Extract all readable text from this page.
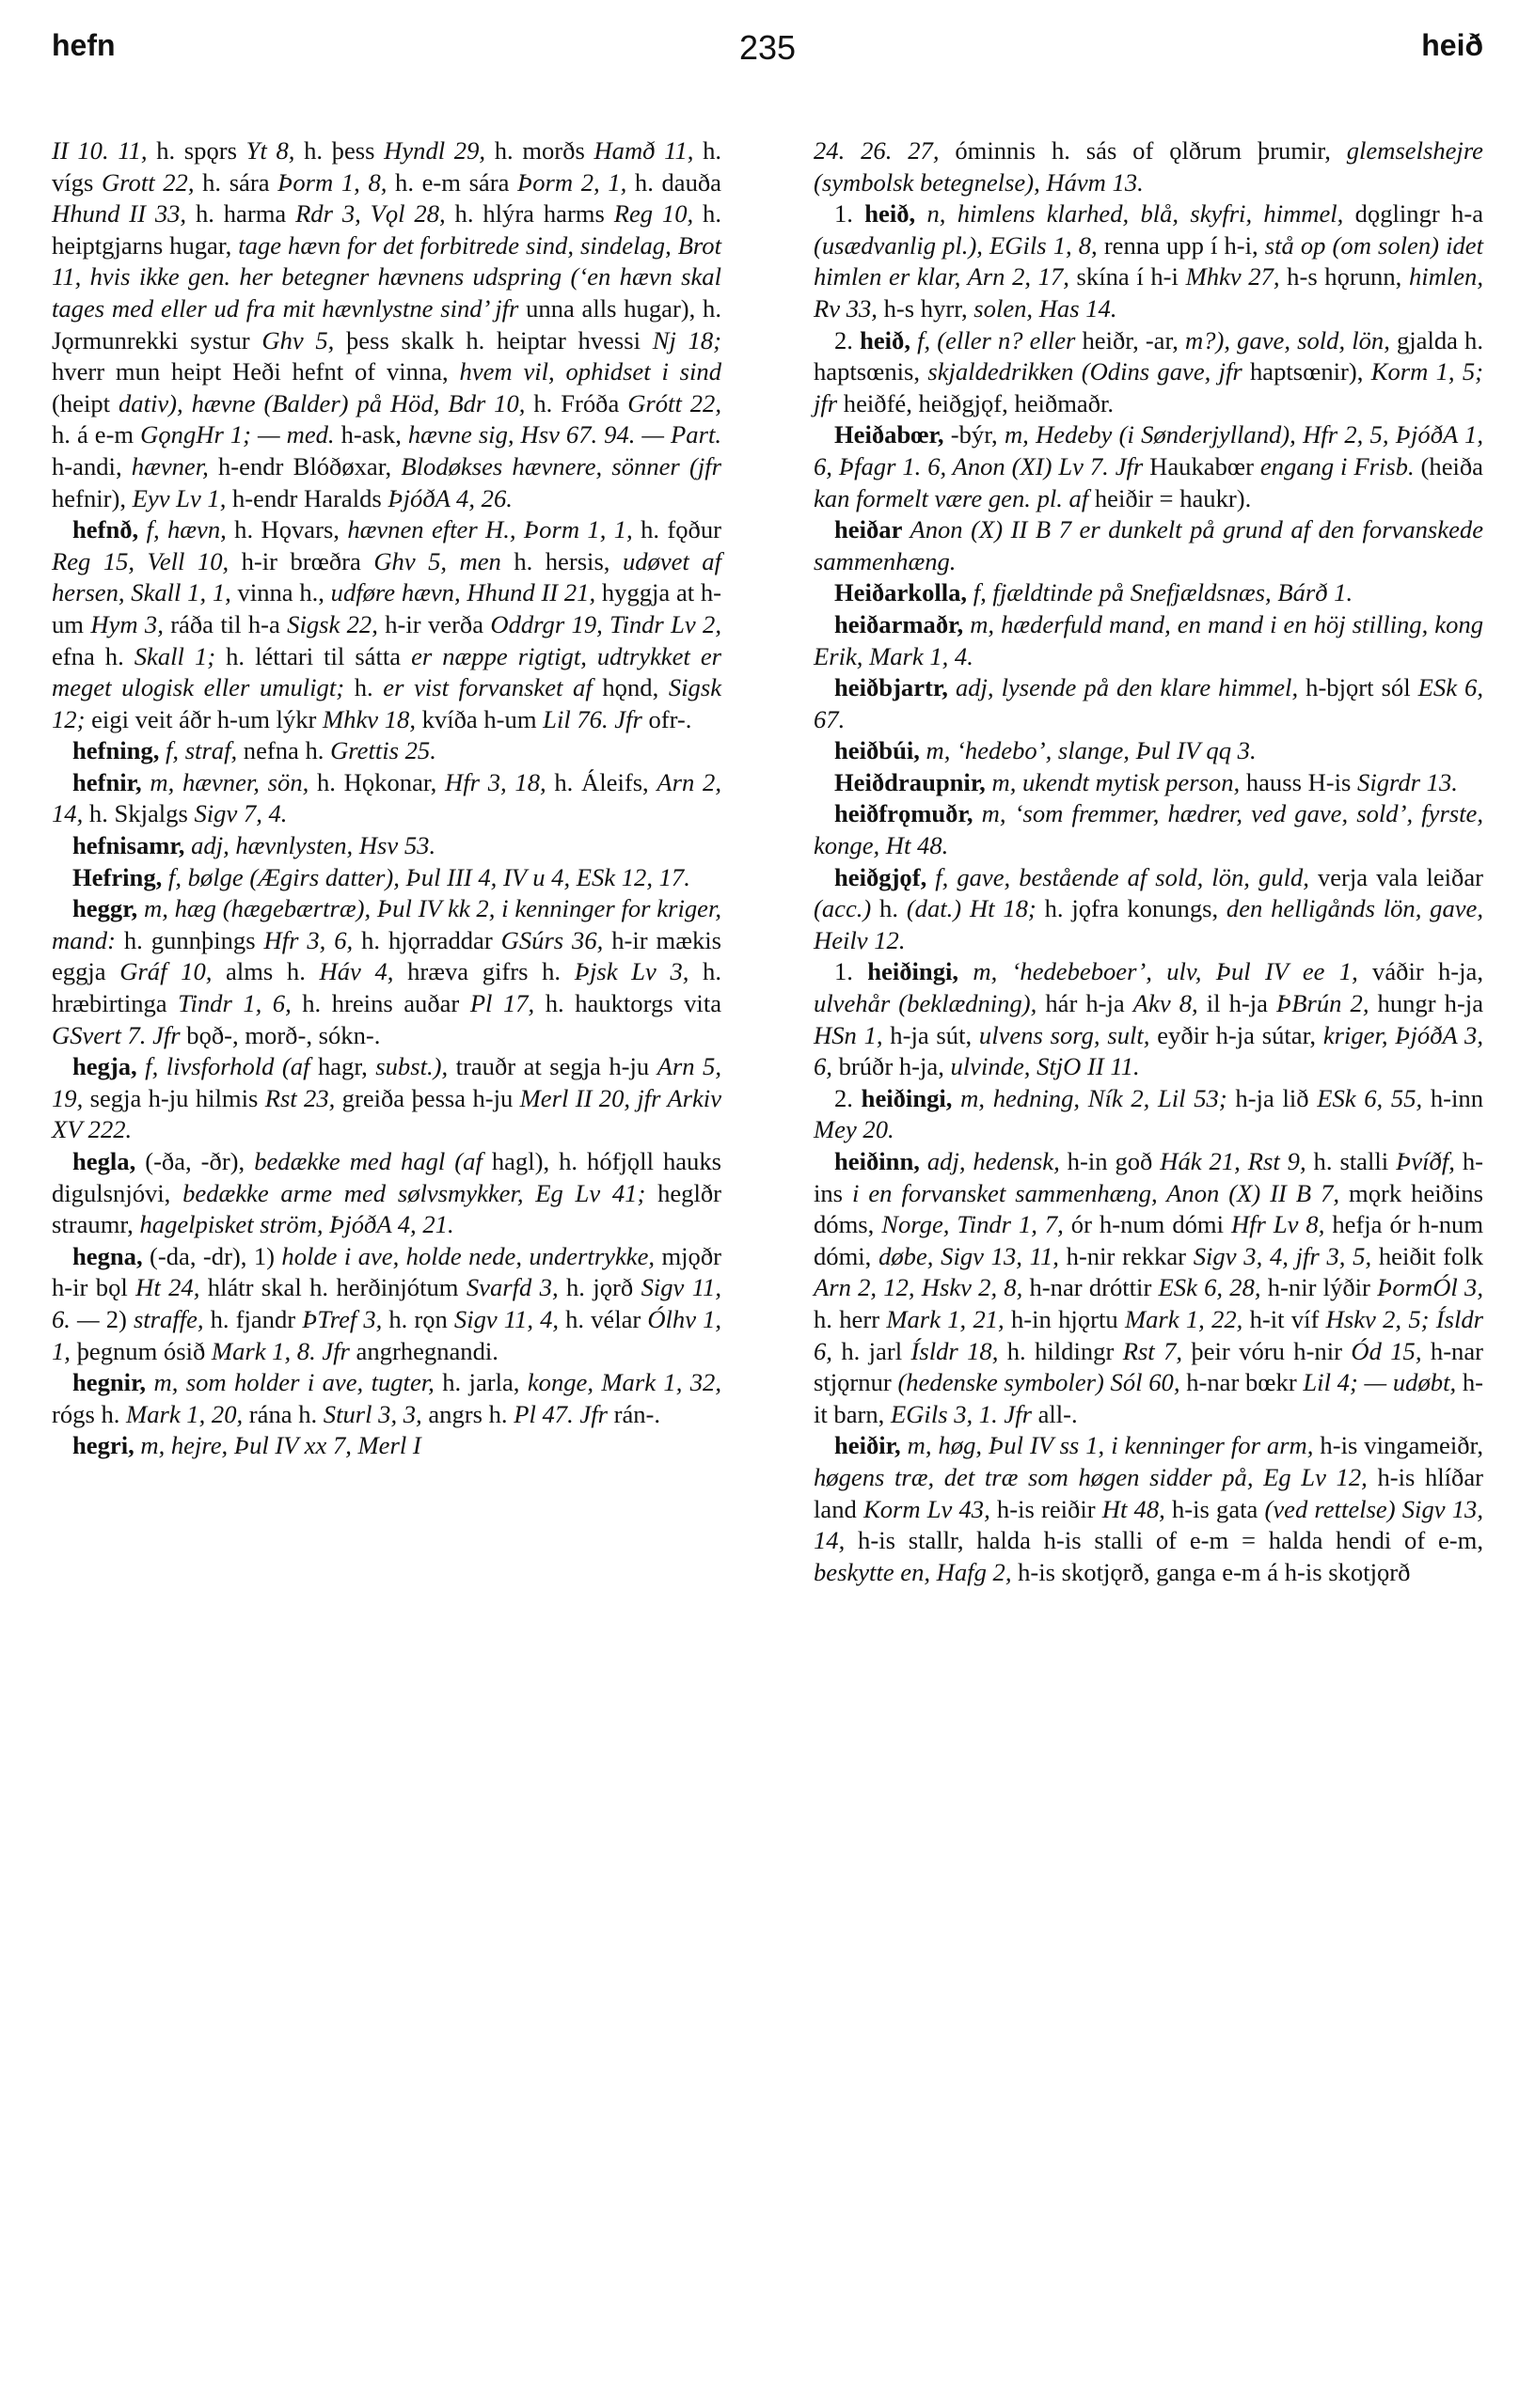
hefn	235	heið

II 10. 11, h. spǫrs Yt 8, h. þess Hyndl 29, h. morðs Hamð 11, h. vígs Grott 22, h. sára Þorm 1, 8, h. e-m sára Þorm 2, 1, h. dauða Hhund II 33, h. harma Rdr 3, Vǫl 28, h. hlýra harms Reg 10, h. heiptgjarns hugar, tage hævn for det forbitrede sind, sindelag, Brot 11, hvis ikke gen. her betegner hævnens udspring (‘en hævn skal tages med eller ud fra mit hævnlystne sind’ jfr unna alls hugar), h. Jǫrmunrekki systur Ghv 5, þess skalk h. heiptar hvessi Nj 18; hverr mun heipt Heði hefnt of vinna, hvem vil, ophidset i sind (heipt dativ), hævne (Balder) på Höd, Bdr 10, h. Fróða Grótt 22, h. á e-m GǫngHr 1; — med. h-ask, hævne sig, Hsv 67. 94. — Part. h-andi, hævner, h-endr Blóðøxar, Blodøkses hævnere, sönner (jfr hefnir), Eyv Lv 1, h-endr Haralds ÞjóðA 4, 26.

hefnð, f, hævn, h. Hǫvars, hævnen efter H., Þorm 1, 1, h. fǫður Reg 15, Vell 10, h-ir brœðra Ghv 5, men h. hersis, udøvet af hersen, Skall 1, 1, vinna h., udføre hævn, Hhund II 21, hyggja at h-um Hym 3, ráða til h-a Sigsk 22, h-ir verða Oddrgr 19, Tindr Lv 2, efna h. Skall 1; h. léttari til sátta er næppe rigtigt, udtrykket er meget ulogisk eller umuligt; h. er vist forvansket af hǫnd, Sigsk 12; eigi veit áðr h-um lýkr Mhkv 18, kvíða h-um Lil 76. Jfr ofr-.

hefning, f, straf, nefna h. Grettis 25.

hefnir, m, hævner, sön, h. Hǫkonar, Hfr 3, 18, h. Áleifs, Arn 2, 14, h. Skjalgs Sigv 7, 4.

hefnisamr, adj, hævnlysten, Hsv 53.

Hefring, f, bølge (Ægirs datter), Þul III 4, IV u 4, ESk 12, 17.

heggr, m, hæg (hægebærtræ), Þul IV kk 2, i kenninger for kriger, mand: h. gunnþings Hfr 3, 6, h. hjǫrraddar GSúrs 36, h-ir mækis eggja Gráf 10, alms h. Háv 4, hræva gifrs h. Þjsk Lv 3, h. hræbirtinga Tindr 1, 6, h. hreins auðar Pl 17, h. hauktorgs vita GSvert 7. Jfr bǫð-, morð-, sókn-.

hegja, f, livsforhold (af hagr, subst.), trauðr at segja h-ju Arn 5, 19, segja h-ju hilmis Rst 23, greiða þessa h-ju Merl II 20, jfr Arkiv XV 222.

hegla, (-ða, -ðr), bedække med hagl (af hagl), h. hófjǫll hauks digulsnjóvi, bedække arme med sølvsmykker, Eg Lv 41; heglðr straumr, hagelpisket ström, ÞjóðA 4, 21.

hegna, (-da, -dr), 1) holde i ave, holde nede, undertrykke, mjǫðr h-ir bǫl Ht 24, hlátr skal h. herðinjótum Svarfd 3, h. jǫrð Sigv 11, 6. — 2) straffe, h. fjandr ÞTref 3, h. rǫn Sigv 11, 4, h. vélar Ólhv 1, 1, þegnum ósið Mark 1, 8. Jfr angrhegnandi.

hegnir, m, som holder i ave, tugter, h. jarla, konge, Mark 1, 32, rógs h. Mark 1, 20, rána h. Sturl 3, 3, angrs h. Pl 47. Jfr rán-.

hegri, m, hejre, Þul IV xx 7, Merl I

24. 26. 27, óminnis h. sás of ǫlðrum þrumir, glemselshejre (symbolsk betegnelse), Hávm 13.

1. heið, n, himlens klarhed, blå, skyfri, himmel, dǫglingr h-a (usædvanlig pl.), EGils 1, 8, renna upp í h-i, stå op (om solen) idet himlen er klar, Arn 2, 17, skína í h-i Mhkv 27, h-s hǫrunn, himlen, Rv 33, h-s hyrr, solen, Has 14.

2. heið, f, (eller n? eller heiðr, -ar, m?), gave, sold, lön, gjalda h. haptsœnis, skjaldedrikken (Odins gave, jfr haptsœnir), Korm 1, 5; jfr heiðfé, heiðgjǫf, heiðmaðr.

Heiðabœr, -býr, m, Hedeby (i Sønderjylland), Hfr 2, 5, ÞjóðA 1, 6, Þfagr 1. 6, Anon (XI) Lv 7. Jfr Haukabœr engang i Frisb. (heiða kan formelt være gen. pl. af heiðir = haukr).

heiðar Anon (X) II B 7 er dunkelt på grund af den forvanskede sammenhæng.

Heiðarkolla, f, fjældtinde på Snefjældsnæs, Bárð 1.

heiðarmaðr, m, hæderfuld mand, en mand i en höj stilling, kong Erik, Mark 1, 4.

heiðbjartr, adj, lysende på den klare himmel, h-bjǫrt sól ESk 6, 67.

heiðbúi, m, ‘hedebo’, slange, Þul IV qq 3.

Heiðdraupnir, m, ukendt mytisk person, hauss H-is Sigrdr 13.

heiðfrǫmuðr, m, ‘som fremmer, hædrer, ved gave, sold’, fyrste, konge, Ht 48.

heiðgjǫf, f, gave, bestående af sold, lön, guld, verja vala leiðar (acc.) h. (dat.) Ht 18; h. jǫfra konungs, den helligånds lön, gave, Heilv 12.

1. heiðingi, m, ‘hedebeboer’, ulv, Þul IV ee 1, váðir h-ja, ulvehår (beklædning), hár h-ja Akv 8, il h-ja ÞBrún 2, hungr h-ja HSn 1, h-ja sút, ulvens sorg, sult, eyðir h-ja sútar, kriger, ÞjóðA 3, 6, brúðr h-ja, ulvinde, StjO II 11.

2. heiðingi, m, hedning, Ník 2, Lil 53; h-ja lið ESk 6, 55, h-inn Mey 20.

heiðinn, adj, hedensk, h-in goð Hák 21, Rst 9, h. stalli Þvíðf, h-ins i en forvansket sammenhæng, Anon (X) II B 7, mǫrk heiðins dóms, Norge, Tindr 1, 7, ór h-num dómi Hfr Lv 8, hefja ór h-num dómi, døbe, Sigv 13, 11, h-nir rekkar Sigv 3, 4, jfr 3, 5, heiðit folk Arn 2, 12, Hskv 2, 8, h-nar dróttir ESk 6, 28, h-nir lýðir ÞormÓl 3, h. herr Mark 1, 21, h-in hjǫrtu Mark 1, 22, h-it víf Hskv 2, 5; Ísldr 6, h. jarl Ísldr 18, h. hildingr Rst 7, þeir vóru h-nir Ód 15, h-nar stjǫrnur (hedenske symboler) Sól 60, h-nar bœkr Lil 4; — udøbt, h-it barn, EGils 3, 1. Jfr all-.

heiðir, m, høg, Þul IV ss 1, i kenninger for arm, h-is vingameiðr, høgens træ, det træ som høgen sidder på, Eg Lv 12, h-is hlíðar land Korm Lv 43, h-is reiðir Ht 48, h-is gata (ved rettelse) Sigv 13, 14, h-is stallr, halda h-is stalli of e-m = halda hendi of e-m, beskytte en, Hafg 2, h-is skotjǫrð, ganga e-m á h-is skotjǫrð
